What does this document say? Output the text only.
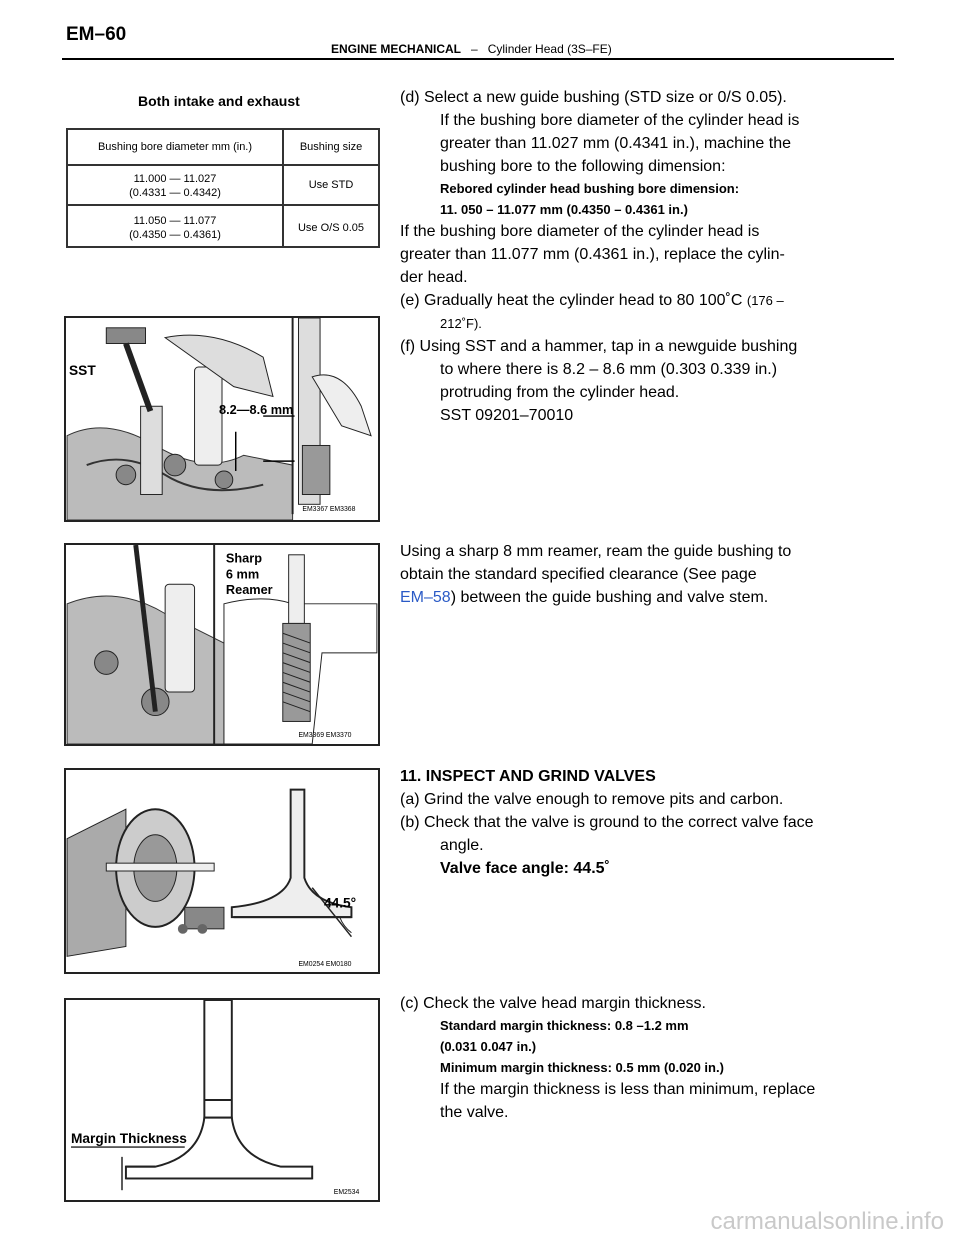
EM–60
ENGINE MECHANICAL – Cylinder Head (3S–FE)
Both intake and exhaust
Bushing bore diameter mm (in.)	Bushing size
11.000 — 11.027
(0.4331 — 0.4342)
Use STD
11.050 — 11.077
(0.4350 — 0.4361)
Use O/S 0.05
SST
8.2—8.6 mm
EM3367 EM3368
Sharp
6 mm
Reamer
EM3369 EM3370
44.5°
EM0254 EM0180
Margin Thickness
EM2534
(d) Select a new guide bushing (STD size or 0/S 0.05).
If the bushing bore diameter of the cylinder head is
greater than 11.027 mm (0.4341 in.), machine the
bushing bore to the following dimension:
Rebored cylinder head bushing bore dimension:
11. 050 – 11.077 mm (0.4350 – 0.4361 in.)
If the bushing bore diameter of the cylinder head is
greater than 11.077 mm (0.4361 in.), replace the cylin-
der head.
(e) Gradually heat the cylinder head to 80 100˚C (176 –
212˚F).
(f) Using SST and a hammer, tap in a newguide bushing
to where there is 8.2 – 8.6 mm (0.303 0.339 in.)
protruding from the cylinder head.
SST 09201–70010
Using a sharp 8 mm reamer, ream the guide bushing to
obtain the standard specified clearance (See page
EM–58) between the guide bushing and valve stem.
11. INSPECT AND GRIND VALVES
(a) Grind the valve enough to remove pits and carbon.
(b) Check that the valve is ground to the correct valve face
angle.
Valve face angle: 44.5˚
(c) Check the valve head margin thickness.
Standard margin thickness: 0.8 –1.2 mm
(0.031 0.047 in.)
Minimum margin thickness: 0.5 mm (0.020 in.)
If the margin thickness is less than minimum, replace
the valve.
carmanualsonline.info
